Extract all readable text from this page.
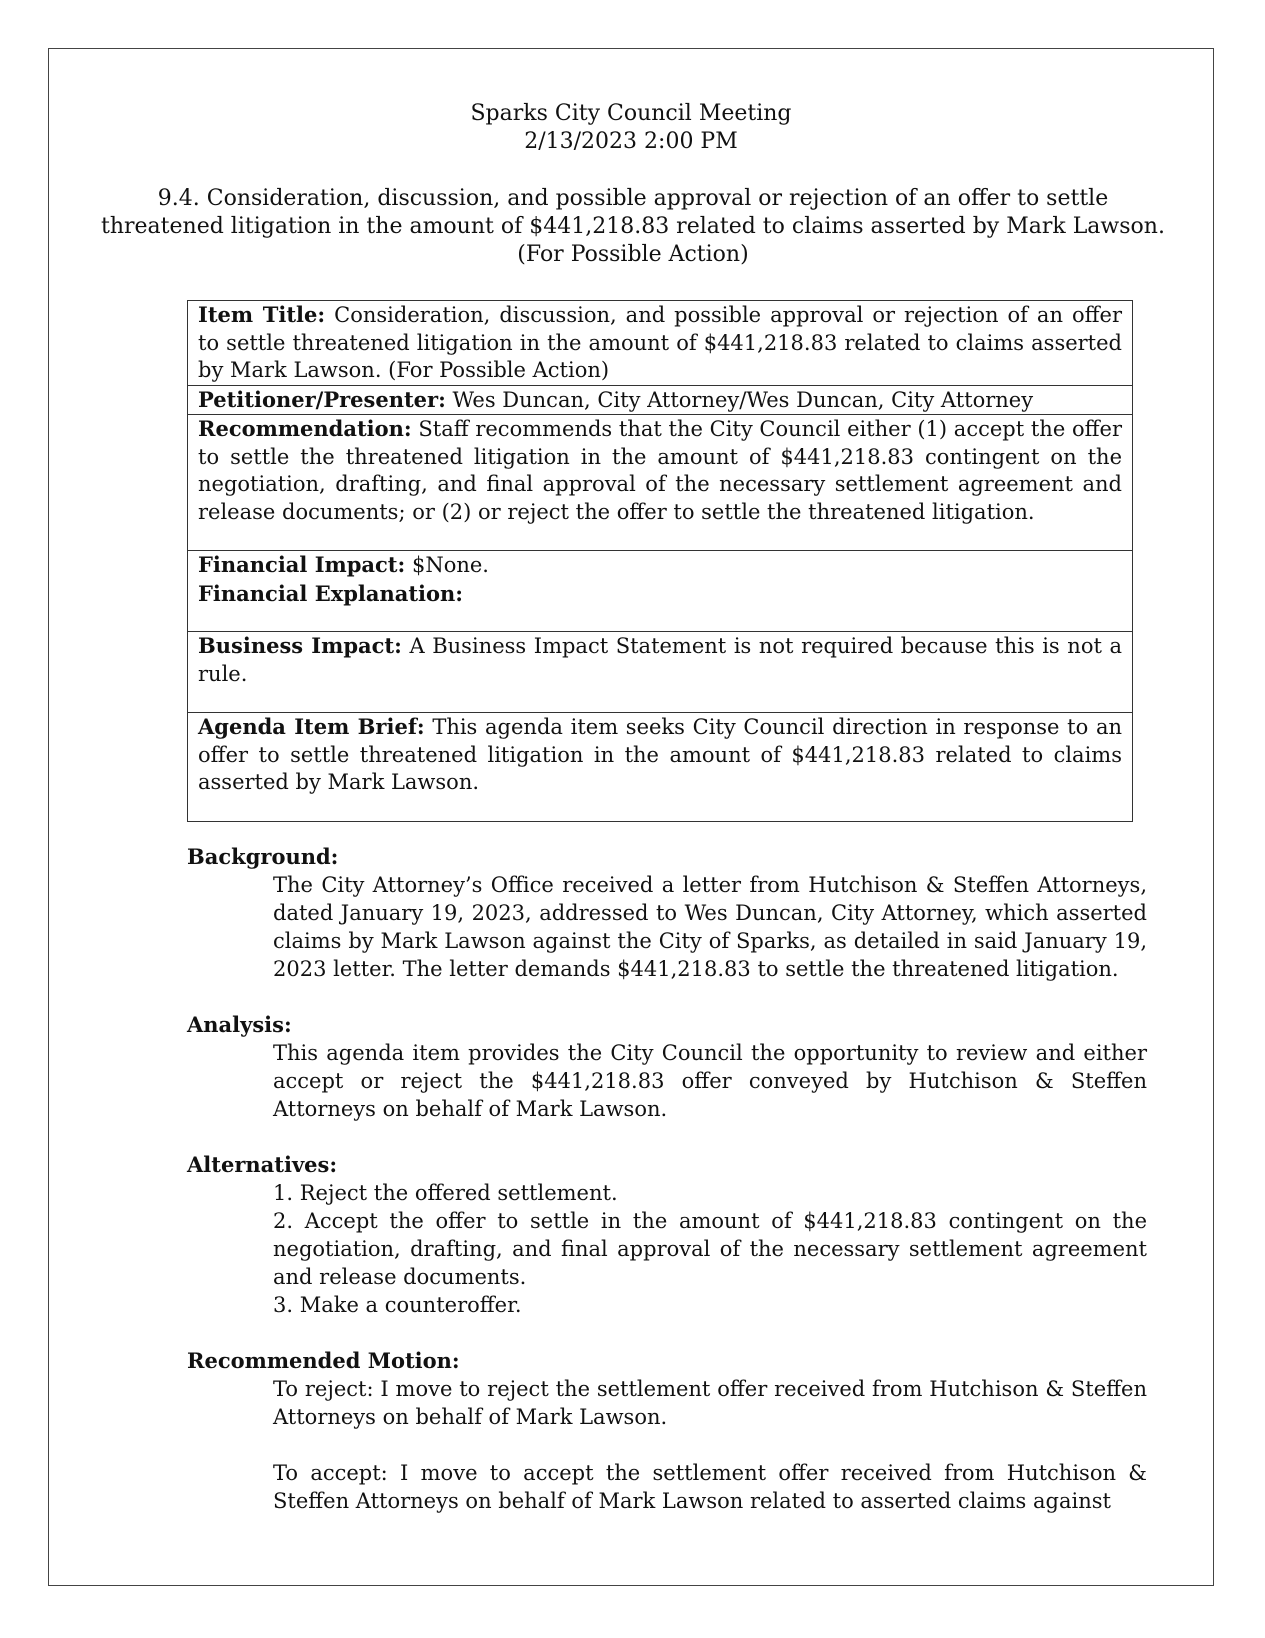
Sparks City Council Meeting
2/13/2023 2:00 PM
9.4. Consideration, discussion, and possible approval or rejection of an offer to settle threatened litigation in the amount of $441,218.83 related to claims asserted by Mark Lawson. (For Possible Action)
Item Title: Consideration, discussion, and possible approval or rejection of an offer to settle threatened litigation in the amount of $441,218.83 related to claims asserted by Mark Lawson. (For Possible Action)
Petitioner/Presenter: Wes Duncan, City Attorney/Wes Duncan, City Attorney
Recommendation: Staff recommends that the City Council either (1) accept the offer to settle the threatened litigation in the amount of $441,218.83 contingent on the negotiation, drafting, and final approval of the necessary settlement agreement and release documents; or (2) or reject the offer to settle the threatened litigation.
Financial Impact: $None.
Financial Explanation:
Business Impact: A Business Impact Statement is not required because this is not a rule.
Agenda Item Brief: This agenda item seeks City Council direction in response to an offer to settle threatened litigation in the amount of $441,218.83 related to claims asserted by Mark Lawson.
Background:
The City Attorney’s Office received a letter from Hutchison & Steffen Attorneys, dated January 19, 2023, addressed to Wes Duncan, City Attorney, which asserted claims by Mark Lawson against the City of Sparks, as detailed in said January 19, 2023 letter. The letter demands $441,218.83 to settle the threatened litigation.
Analysis:
This agenda item provides the City Council the opportunity to review and either accept or reject the $441,218.83 offer conveyed by Hutchison & Steffen Attorneys on behalf of Mark Lawson.
Alternatives:
1. Reject the offered settlement.
2. Accept the offer to settle in the amount of $441,218.83 contingent on the negotiation, drafting, and final approval of the necessary settlement agreement and release documents.
3. Make a counteroffer.
Recommended Motion:
To reject: I move to reject the settlement offer received from Hutchison & Steffen Attorneys on behalf of Mark Lawson.
To accept: I move to accept the settlement offer received from Hutchison & Steffen Attorneys on behalf of Mark Lawson related to asserted claims against
